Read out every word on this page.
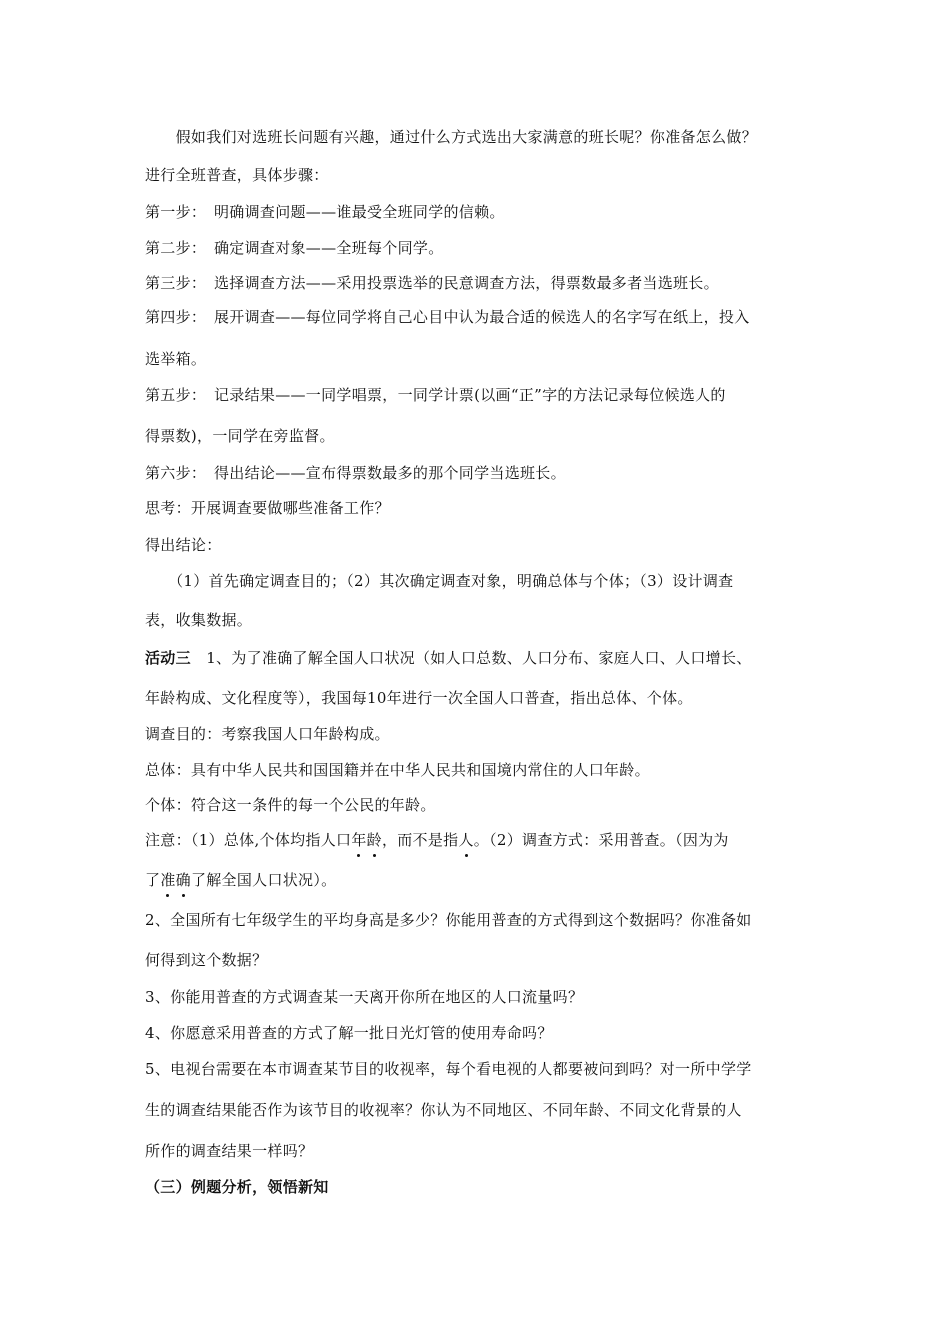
　　假如我们对选班长问题有兴趣，通过什么方式选出大家满意的班长呢？你准备怎么做？
进行全班普查，具体步骤：
第一步：　明确调查问题——谁最受全班同学的信赖。
第二步：　确定调查对象——全班每个同学。
第三步：　选择调查方法——采用投票选举的民意调查方法，得票数最多者当选班长。
第四步：　展开调查——每位同学将自己心目中认为最合适的候选人的名字写在纸上，投入
选举箱。
第五步：　记录结果——一同学唱票，一同学计票(以画“正”字的方法记录每位候选人的
得票数)，一同学在旁监督。
第六步：　得出结论——宣布得票数最多的那个同学当选班长。
思考：开展调查要做哪些准备工作？
得出结论：
　　（1）首先确定调查目的；（2）其次确定调查对象，明确总体与个体；（3）设计调查
表，收集数据。
活动三　1、为了准确了解全国人口状况（如人口总数、人口分布、家庭人口、人口增长、
年龄构成、文化程度等），我国每10年进行一次全国人口普查，指出总体、个体。
调查目的：考察我国人口年龄构成。
总体：具有中华人民共和国国籍并在中华人民共和国境内常住的人口年龄。
个体：符合这一条件的每一个公民的年龄。
注意：（1）总体,个体均指人口年龄，而不是指人。（2）调查方式：采用普查。（因为为
了准确了解全国人口状况）。
2、全国所有七年级学生的平均身高是多少？你能用普查的方式得到这个数据吗？你准备如
何得到这个数据？
3、你能用普查的方式调查某一天离开你所在地区的人口流量吗？
4、你愿意采用普查的方式了解一批日光灯管的使用寿命吗？
5、电视台需要在本市调查某节目的收视率，每个看电视的人都要被问到吗？对一所中学学
生的调查结果能否作为该节目的收视率？你认为不同地区、不同年龄、不同文化背景的人
所作的调查结果一样吗？
（三）例题分析，领悟新知
